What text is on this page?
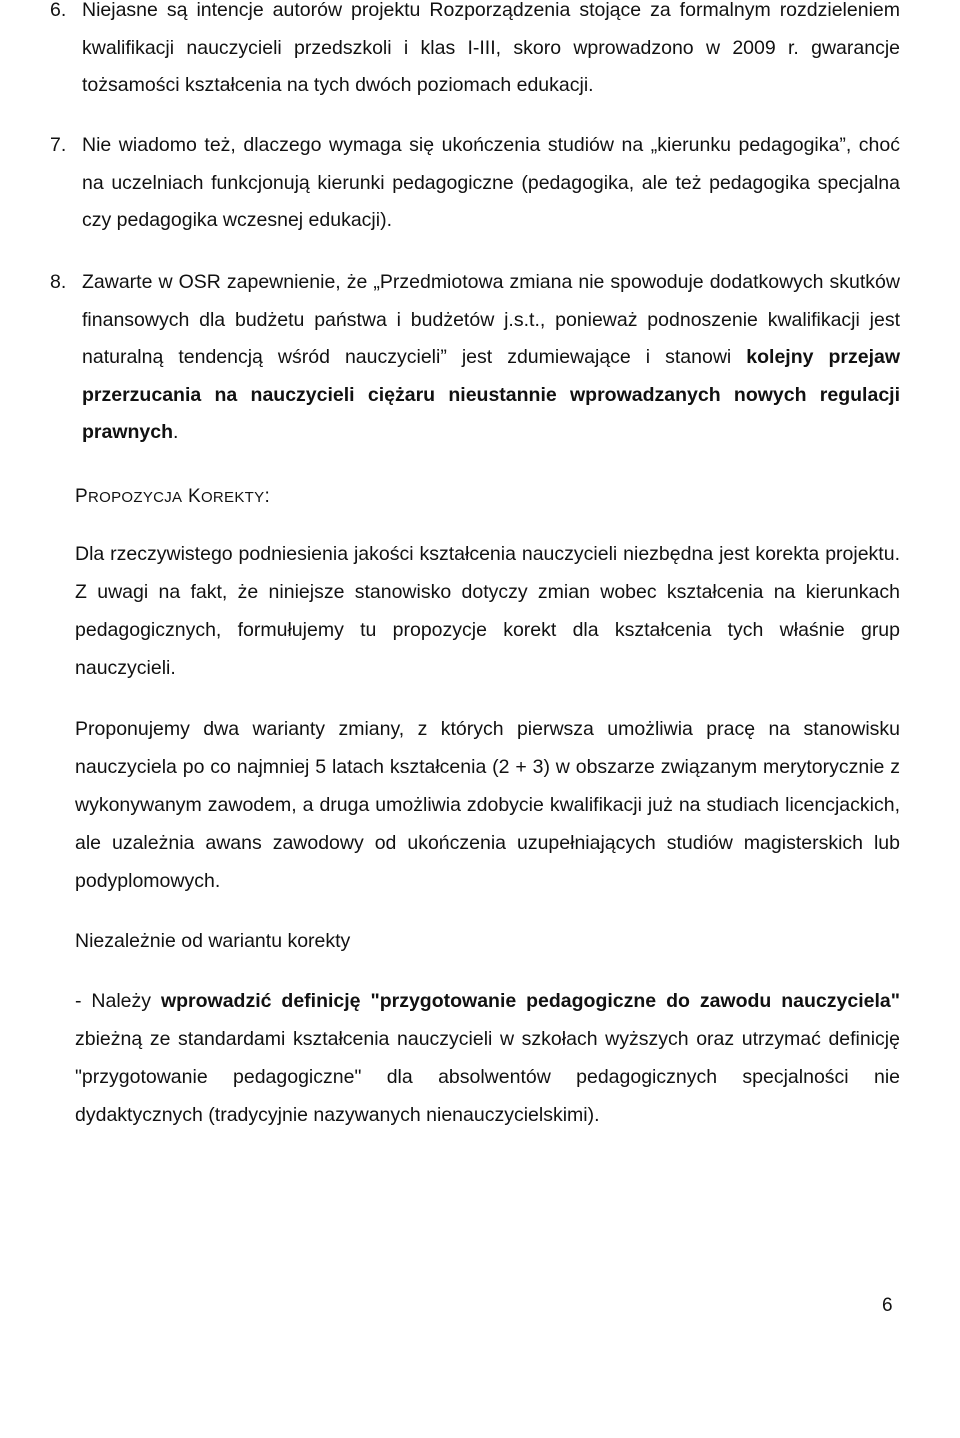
6. Niejasne są intencje autorów projektu Rozporządzenia stojące za formalnym rozdzieleniem kwalifikacji nauczycieli przedszkoli i klas I-III, skoro wprowadzono w 2009 r. gwarancje tożsamości kształcenia na tych dwóch poziomach edukacji.
7. Nie wiadomo też, dlaczego wymaga się ukończenia studiów na „kierunku pedagogika”, choć na uczelniach funkcjonują kierunki pedagogiczne (pedagogika, ale też pedagogika specjalna czy pedagogika wczesnej edukacji).
8. Zawarte w OSR zapewnienie, że „Przedmiotowa zmiana nie spowoduje dodatkowych skutków finansowych dla budżetu państwa i budżetów j.s.t., ponieważ podnoszenie kwalifikacji jest naturalną tendencją wśród nauczycieli” jest zdumiewające i stanowi kolejny przejaw przerzucania na nauczycieli ciężaru nieustannie wprowadzanych nowych regulacji prawnych.
PROPOZYCJA KOREKTY:
Dla rzeczywistego podniesienia jakości kształcenia nauczycieli niezbędna jest korekta projektu. Z uwagi na fakt, że niniejsze stanowisko dotyczy zmian wobec kształcenia na kierunkach pedagogicznych, formułujemy tu propozycje korekt dla kształcenia tych właśnie grup nauczycieli.
Proponujemy dwa warianty zmiany, z których pierwsza umożliwia pracę na stanowisku nauczyciela po co najmniej 5 latach kształcenia (2 + 3) w obszarze związanym merytorycznie z wykonywanym zawodem, a druga umożliwia zdobycie kwalifikacji już na studiach licencjackich, ale uzależnia awans zawodowy od ukończenia uzupełniających studiów magisterskich lub podyplomowych.
Niezależnie od wariantu korekty
- Należy wprowadzić definicję "przygotowanie pedagogiczne do zawodu nauczyciela" zbieżną ze standardami kształcenia nauczycieli w szkołach wyższych oraz utrzymać definicję "przygotowanie pedagogiczne" dla absolwentów pedagogicznych specjalności nie dydaktycznych (tradycyjnie nazywanych nienauczycielskimi).
6
